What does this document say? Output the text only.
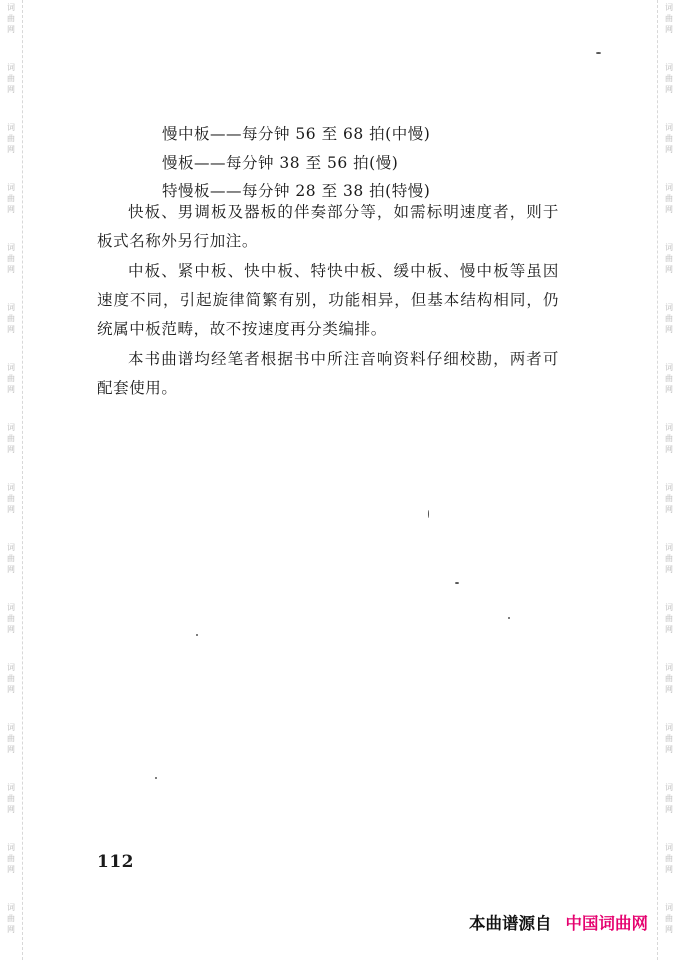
词
曲
网
词
曲
网
词
曲
网
词
曲
网
词
曲
网
词
曲
网
词
曲
网
词
曲
网
词
曲
网
词
曲
网
词
曲
网
词
曲
网
词
曲
网
词
曲
网
词
曲
网
词
曲
网
词
曲
网
词
曲
网
词
曲
网
词
曲
网
词
曲
网
词
曲
网
词
曲
网
词
曲
网
词
曲
网
词
曲
网
词
曲
网
词
曲
网
词
曲
网
词
曲
网
词
曲
网
词
曲
网
慢中板——每分钟 56 至 68 拍(中慢)
慢板——每分钟 38 至 56 拍(慢)
特慢板——每分钟 28 至 38 拍(特慢)

快板、男调板及器板的伴奏部分等，如需标明速度者，则于板式名称外另行加注。

中板、紧中板、快中板、特快中板、缓中板、慢中板等虽因速度不同，引起旋律简繁有别，功能相异，但基本结构相同，仍统属中板范畴，故不按速度再分类编排。

本书曲谱均经笔者根据书中所注音响资料仔细校勘，两者可配套使用。

112
本曲谱源自 中国词曲网
